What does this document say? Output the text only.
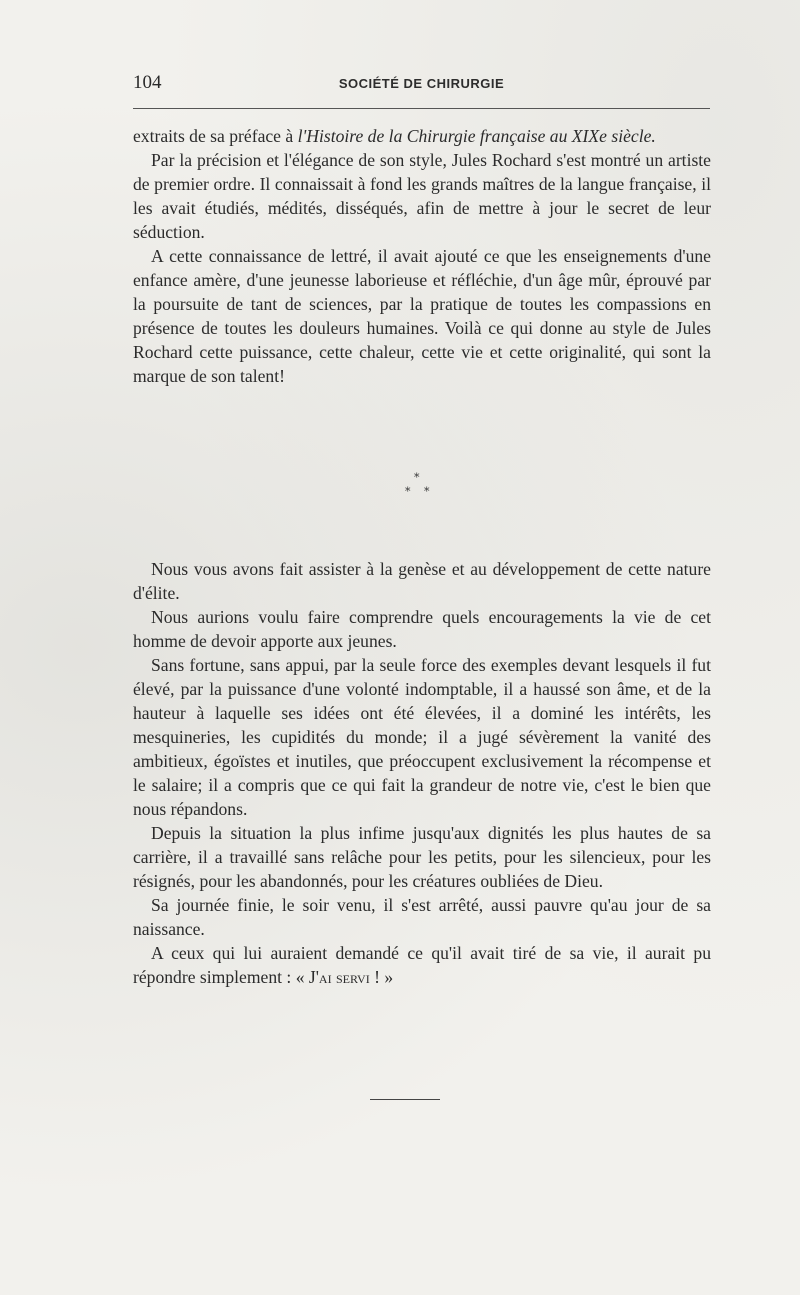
104	SOCIÉTÉ DE CHIRURGIE

extraits de sa préface à l'Histoire de la Chirurgie française au XIXe siècle.

Par la précision et l'élégance de son style, Jules Rochard s'est montré un artiste de premier ordre. Il connaissait à fond les grands maîtres de la langue française, il les avait étudiés, médités, disséqués, afin de mettre à jour le secret de leur séduction.

A cette connaissance de lettré, il avait ajouté ce que les enseignements d'une enfance amère, d'une jeunesse laborieuse et réfléchie, d'un âge mûr, éprouvé par la poursuite de tant de sciences, par la pratique de toutes les compassions en présence de toutes les douleurs humaines. Voilà ce qui donne au style de Jules Rochard cette puissance, cette chaleur, cette vie et cette originalité, qui sont la marque de son talent!

*
* *

Nous vous avons fait assister à la genèse et au développement de cette nature d'élite.

Nous aurions voulu faire comprendre quels encouragements la vie de cet homme de devoir apporte aux jeunes.

Sans fortune, sans appui, par la seule force des exemples devant lesquels il fut élevé, par la puissance d'une volonté indomptable, il a haussé son âme, et de la hauteur à laquelle ses idées ont été élevées, il a dominé les intérêts, les mesquineries, les cupidités du monde; il a jugé sévèrement la vanité des ambitieux, égoïstes et inutiles, que préoccupent exclusivement la récompense et le salaire; il a compris que ce qui fait la grandeur de notre vie, c'est le bien que nous répandons.

Depuis la situation la plus infime jusqu'aux dignités les plus hautes de sa carrière, il a travaillé sans relâche pour les petits, pour les silencieux, pour les résignés, pour les abandonnés, pour les créatures oubliées de Dieu.

Sa journée finie, le soir venu, il s'est arrêté, aussi pauvre qu'au jour de sa naissance.

A ceux qui lui auraient demandé ce qu'il avait tiré de sa vie, il aurait pu répondre simplement : « J'ai servi ! »
